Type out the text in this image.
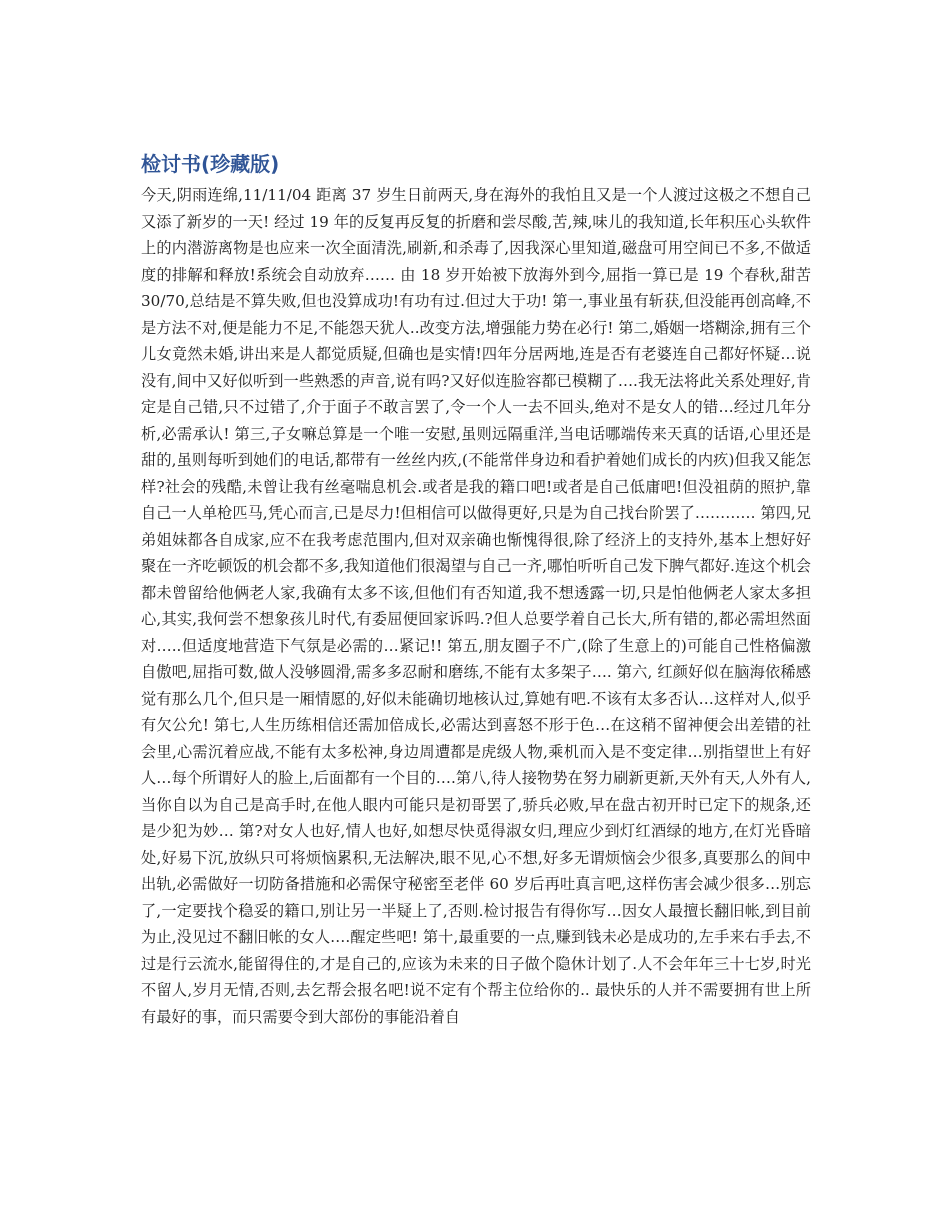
检讨书(珍藏版)

今天,阴雨连绵,11/11/04 距离 37 岁生日前两天,身在海外的我怕且又是一个人渡过这极之不想自己又添了新岁的一天! 经过 19 年的反复再反复的折磨和尝尽酸,苦,辣,味儿的我知道,长年积压心头软件上的内潜游离物是也应来一次全面清洗,刷新,和杀毒了,因我深心里知道,磁盘可用空间已不多,不做适度的排解和释放!系统会自动放弃…… 由 18 岁开始被下放海外到今,屈指一算已是 19 个春秋,甜苦 30/70,总结是不算失败,但也没算成功!有功有过.但过大于功! 第一,事业虽有斩获,但没能再创高峰,不是方法不对,便是能力不足,不能怨天犹人..改变方法,增强能力势在必行! 第二,婚姻一塔糊涂,拥有三个儿女竟然未婚,讲出来是人都觉质疑,但确也是实情!四年分居两地,连是否有老婆连自己都好怀疑…说没有,间中又好似听到一些熟悉的声音,说有吗?又好似连脸容都已模糊了….我无法将此关系处理好,肯定是自己错,只不过错了,介于面子不敢言罢了,令一个人一去不回头,绝对不是女人的错…经过几年分析,必需承认! 第三,子女嘛总算是一个唯一安慰,虽则远隔重洋,当电话哪端传来天真的话语,心里还是甜的,虽则每听到她们的电话,都带有一丝丝内疚,(不能常伴身边和看护着她们成长的内疚)但我又能怎样?社会的残酷,未曾让我有丝毫喘息机会.或者是我的籍口吧!或者是自己低庸吧!但没祖荫的照护,靠自己一人单枪匹马,凭心而言,已是尽力!但相信可以做得更好,只是为自己找台阶罢了………… 第四,兄弟姐妹都各自成家,应不在我考虑范围内,但对双亲确也惭愧得很,除了经济上的支持外,基本上想好好聚在一齐吃顿饭的机会都不多,我知道他们很渴望与自己一齐,哪怕听听自己发下脾气都好.连这个机会都未曾留给他俩老人家,我确有太多不该,但他们有否知道,我不想透露一切,只是怕他俩老人家太多担心,其实,我何尝不想象孩儿时代,有委屈便回家诉吗.?但人总要学着自己长大,所有错的,都必需坦然面对…..但适度地营造下气氛是必需的…紧记!! 第五,朋友圈子不广,(除了生意上的)可能自己性格偏激自傲吧,屈指可数,做人没够圆滑,需多多忍耐和磨练,不能有太多架子…. 第六, 红颜好似在脑海依稀感觉有那么几个,但只是一厢情愿的,好似未能确切地核认过,算她有吧.不该有太多否认…这样对人,似乎有欠公允! 第七,人生历练相信还需加倍成长,必需达到喜怒不形于色…在这稍不留神便会出差错的社会里,心需沉着应战,不能有太多松神,身边周遭都是虎级人物,乘机而入是不变定律…别指望世上有好人…每个所谓好人的脸上,后面都有一个目的….第八,待人接物势在努力刷新更新,天外有天,人外有人,当你自以为自己是高手时,在他人眼内可能只是初哥罢了,骄兵必败,早在盘古初开时已定下的规条,还是少犯为妙… 第?对女人也好,情人也好,如想尽快觅得淑女归,理应少到灯红酒绿的地方,在灯光昏暗处,好易下沉,放纵只可将烦恼累积,无法解决,眼不见,心不想,好多无谓烦恼会少很多,真要那么的间中出轨,必需做好一切防备措施和必需保守秘密至老伴 60 岁后再吐真言吧,这样伤害会减少很多…别忘了,一定要找个稳妥的籍口,别让另一半疑上了,否则.检讨报告有得你写…因女人最擅长翻旧帐,到目前为止,没见过不翻旧帐的女人….醒定些吧! 第十,最重要的一点,赚到钱未必是成功的,左手来右手去,不过是行云流水,能留得住的,才是自己的,应该为未来的日子做个隐休计划了.人不会年年三十七岁,时光不留人,岁月无情,否则,去乞帮会报名吧!说不定有个帮主位给你的.. 最快乐的人并不需要拥有世上所有最好的事，而只需要令到大部份的事能沿着自
